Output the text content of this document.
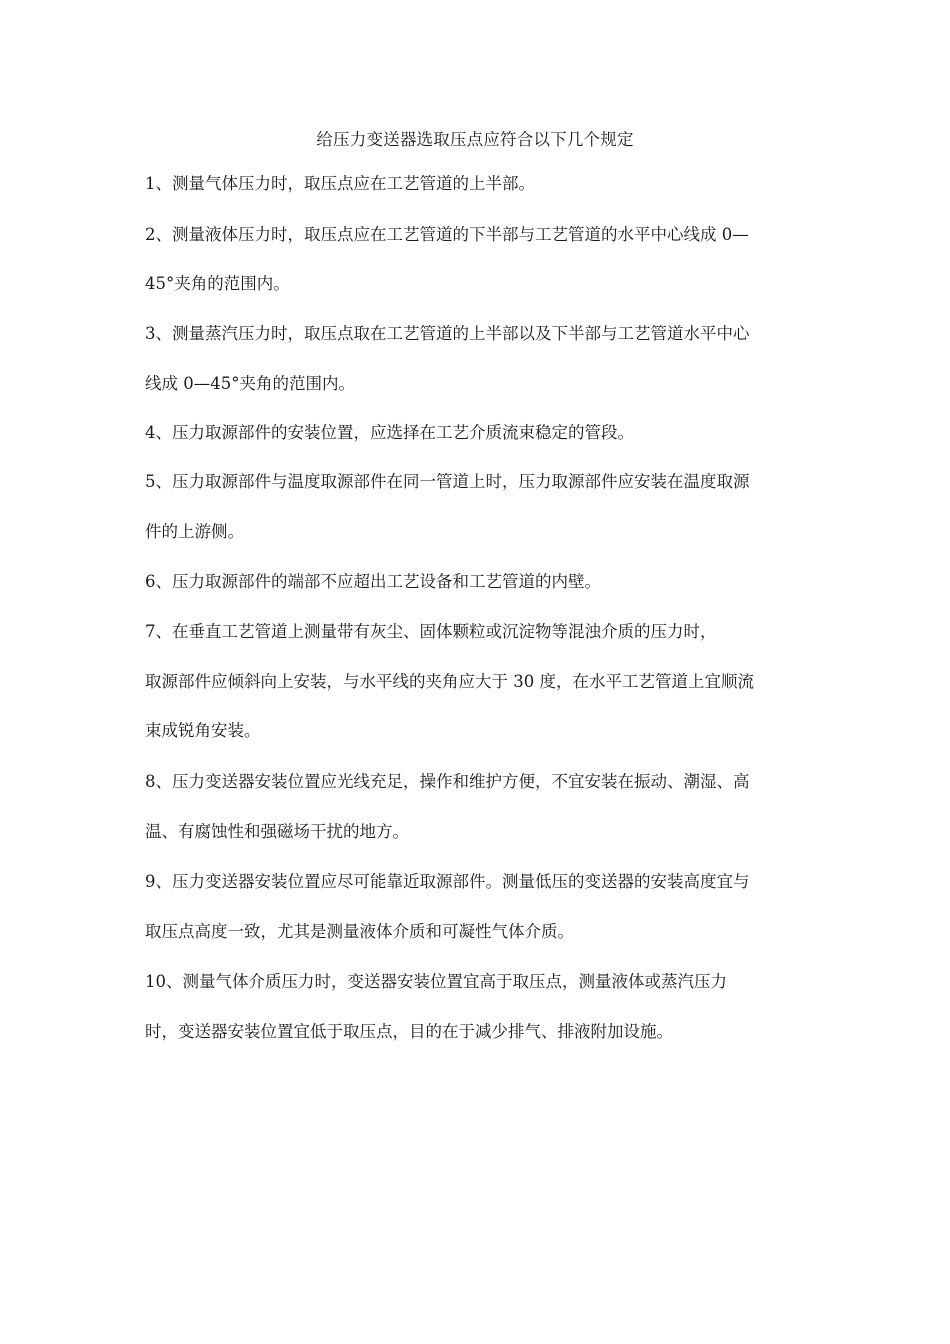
给压力变送器选取压点应符合以下几个规定
1、测量气体压力时，取压点应在工艺管道的上半部。
2、测量液体压力时，取压点应在工艺管道的下半部与工艺管道的水平中心线成 0—
45°夹角的范围内。
3、测量蒸汽压力时，取压点取在工艺管道的上半部以及下半部与工艺管道水平中心
线成 0—45°夹角的范围内。
4、压力取源部件的安装位置，应选择在工艺介质流束稳定的管段。
5、压力取源部件与温度取源部件在同一管道上时，压力取源部件应安装在温度取源
件的上游侧。
6、压力取源部件的端部不应超出工艺设备和工艺管道的内壁。
7、在垂直工艺管道上测量带有灰尘、固体颗粒或沉淀物等混浊介质的压力时，
取源部件应倾斜向上安装，与水平线的夹角应大于 30 度，在水平工艺管道上宜顺流
束成锐角安装。
8、压力变送器安装位置应光线充足，操作和维护方便，不宜安装在振动、潮湿、高
温、有腐蚀性和强磁场干扰的地方。
9、压力变送器安装位置应尽可能靠近取源部件。测量低压的变送器的安装高度宜与
取压点高度一致，尤其是测量液体介质和可凝性气体介质。
10、测量气体介质压力时，变送器安装位置宜高于取压点，测量液体或蒸汽压力
时，变送器安装位置宜低于取压点，目的在于减少排气、排液附加设施。
